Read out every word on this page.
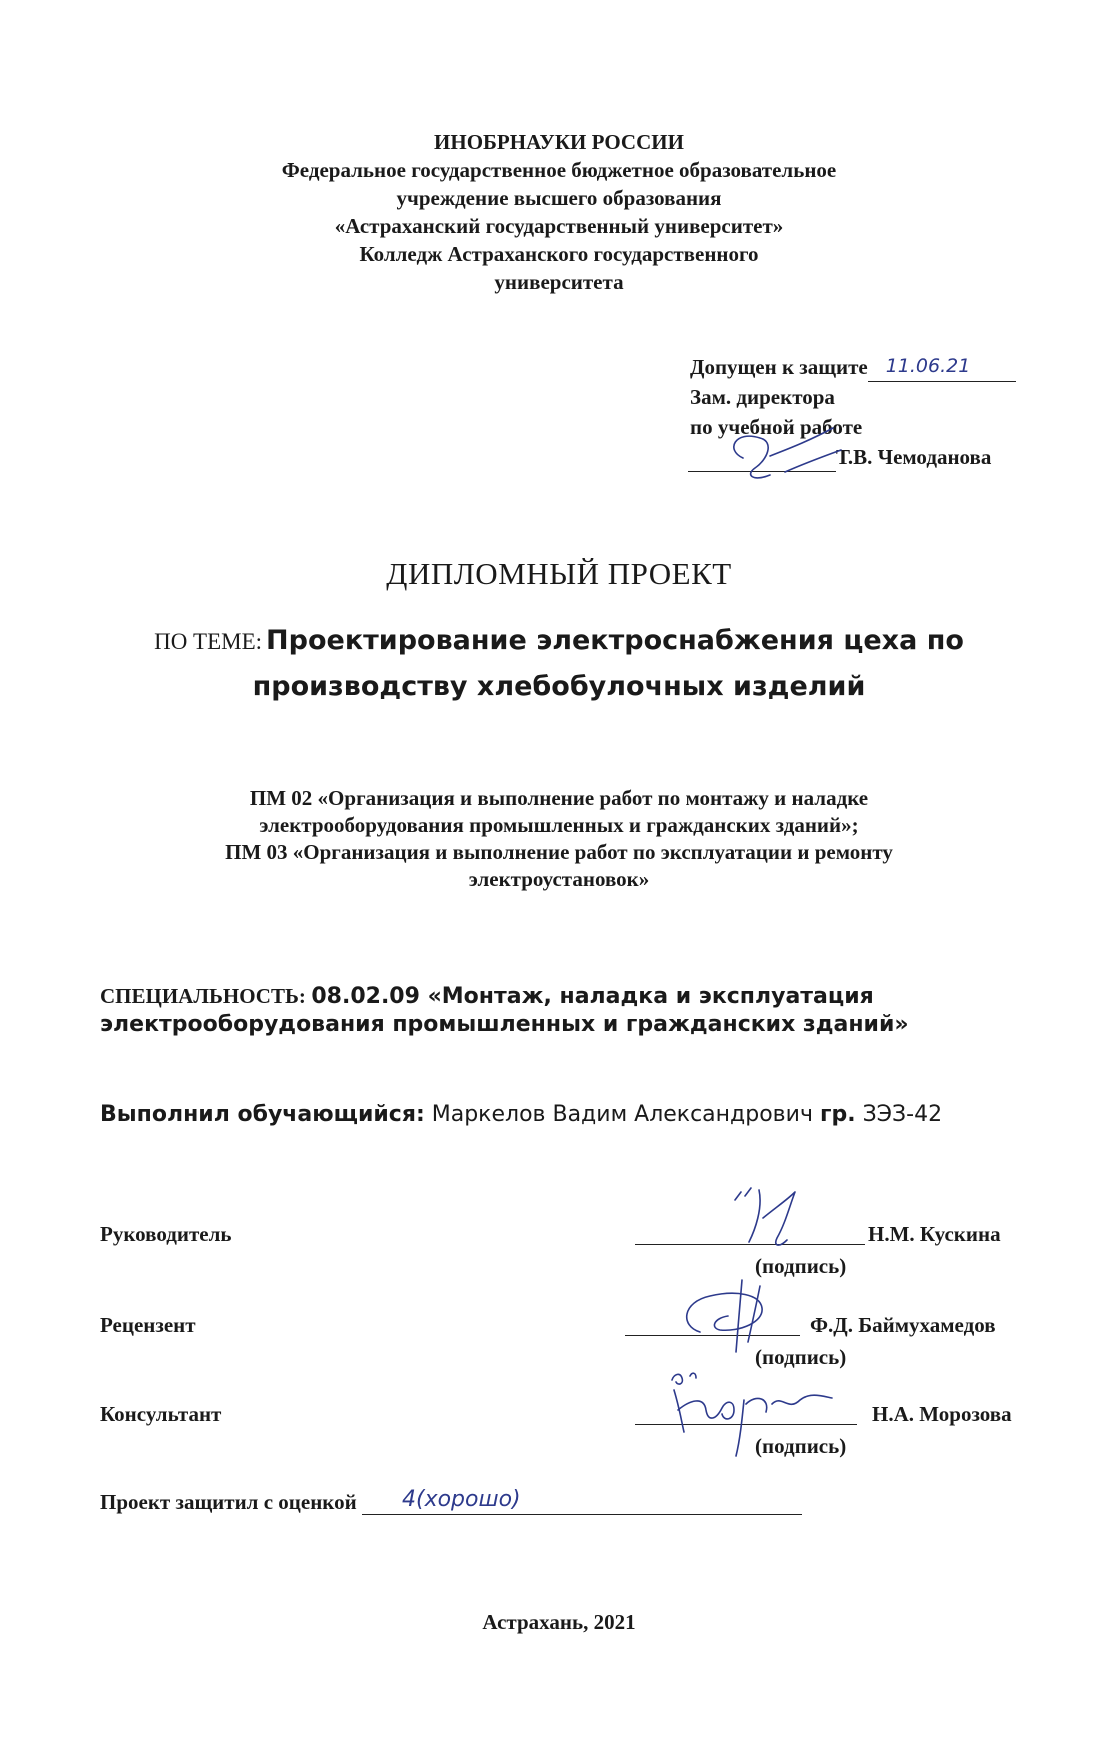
ИНОБРНАУКИ РОССИИ
Федеральное государственное бюджетное образовательное
учреждение высшего образования
«Астраханский государственный университет»
Колледж Астраханского государственного
университета
Допущен к защите 11.06.21
Зам. директора
по учебной работе
Т.В. Чемоданова
ДИПЛОМНЫЙ ПРОЕКТ
ПО ТЕМЕ: Проектирование электроснабжения цеха по
производству хлебобулочных изделий
ПМ 02 «Организация и выполнение работ по монтажу и наладке
электрооборудования промышленных и гражданских зданий»;
ПМ 03 «Организация и выполнение работ по эксплуатации и ремонту
электроустановок»
СПЕЦИАЛЬНОСТЬ: 08.02.09 «Монтаж, наладка и эксплуатация
электрооборудования промышленных и гражданских зданий»
Выполнил обучающийся: Маркелов Вадим Александрович гр. ЗЭЗ-42
Руководитель	Н.М. Кускина
(подпись)
Рецензент	Ф.Д. Баймухамедов
(подпись)
Консультант	Н.А. Морозова
(подпись)
Проект защитил с оценкой 4(хорошо)
Астрахань, 2021
